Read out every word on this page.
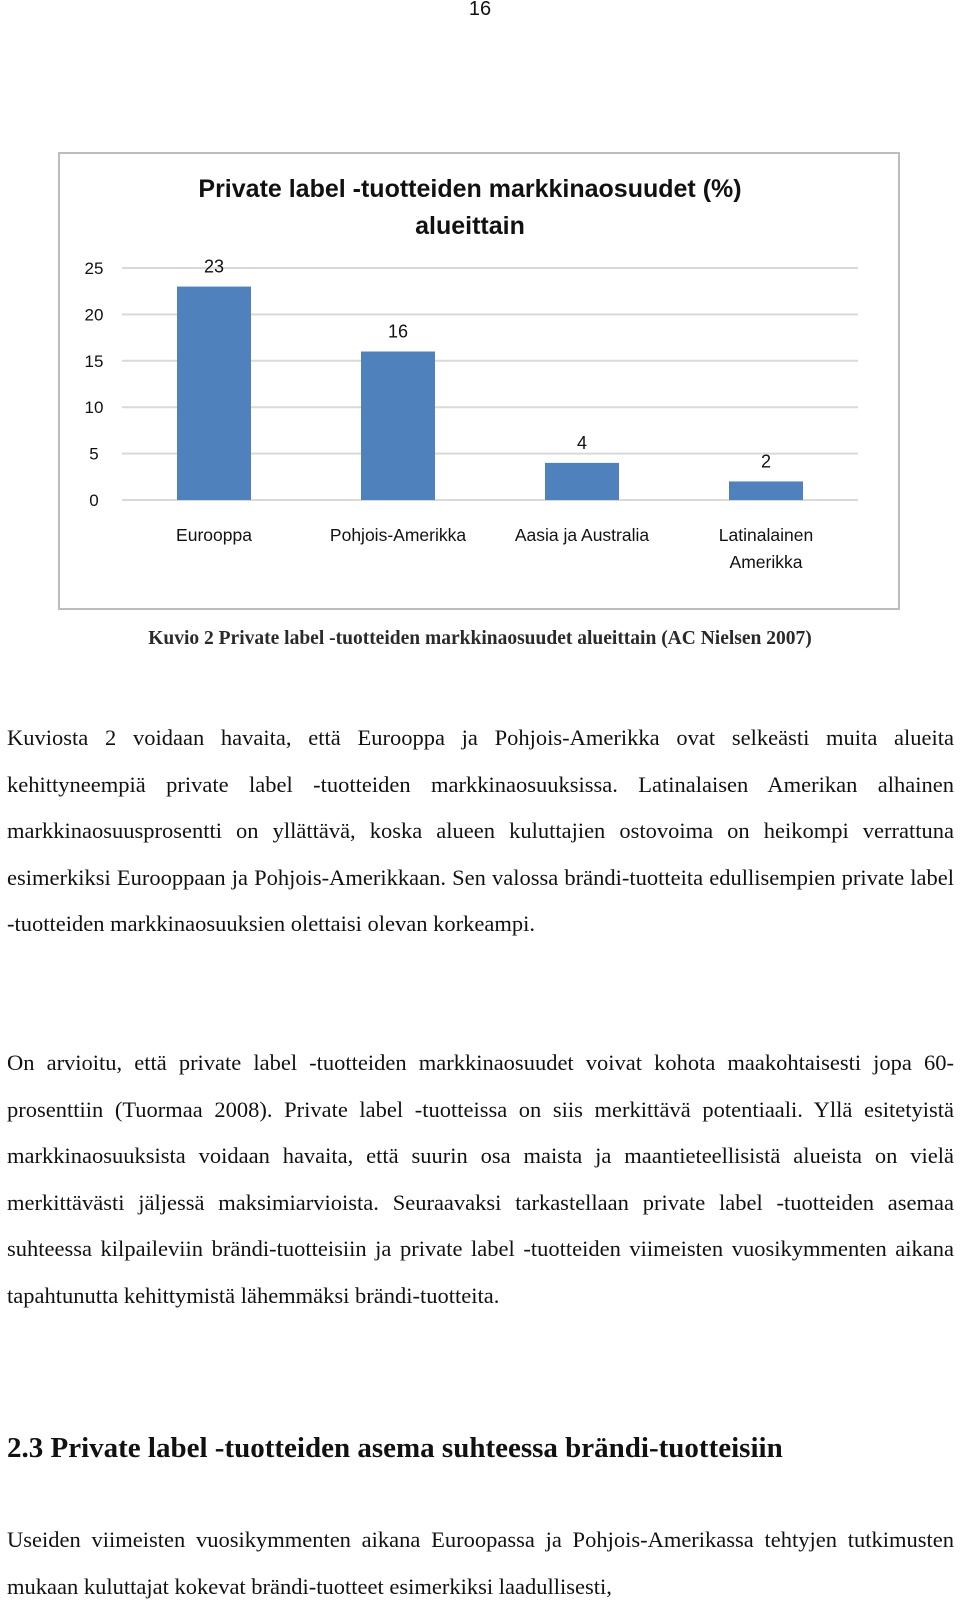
16
Private label -tuotteiden markkinaosuudet (%)
alueittain
0
5
10
15
20
25	23
Eurooppa
16
Pohjois-Amerikka
4
Aasia ja Australia
2
Latinalainen
Amerikka
Kuvio 2 Private label -tuotteiden markkinaosuudet alueittain (AC Nielsen 2007)

Kuviosta 2 voidaan havaita, että Eurooppa ja Pohjois-Amerikka ovat selkeästi muita alueita kehittyneempiä private label -tuotteiden markkinaosuuksissa. Latinalaisen Amerikan alhainen markkinaosuusprosentti on yllättävä, koska alueen kuluttajien ostovoima on heikompi verrattuna esimerkiksi Eurooppaan ja Pohjois-Amerikkaan. Sen valossa brändi-tuotteita edullisempien private label -tuotteiden markkinaosuuksien olettaisi olevan korkeampi.

On arvioitu, että private label -tuotteiden markkinaosuudet voivat kohota maakohtaisesti jopa 60-prosenttiin (Tuormaa 2008). Private label -tuotteissa on siis merkittävä potentiaali. Yllä esitetyistä markkinaosuuksista voidaan havaita, että suurin osa maista ja maantieteellisistä alueista on vielä merkittävästi jäljessä maksimiarvioista. Seuraavaksi tarkastellaan private label -tuotteiden asemaa suhteessa kilpaileviin brändi-tuotteisiin ja private label -tuotteiden viimeisten vuosikymmenten aikana tapahtunutta kehittymistä lähemmäksi brändi-tuotteita.

2.3 Private label -tuotteiden asema suhteessa brändi-tuotteisiin

Useiden viimeisten vuosikymmenten aikana Euroopassa ja Pohjois-Amerikassa tehtyjen tutkimusten mukaan kuluttajat kokevat brändi-tuotteet esimerkiksi laadullisesti,
